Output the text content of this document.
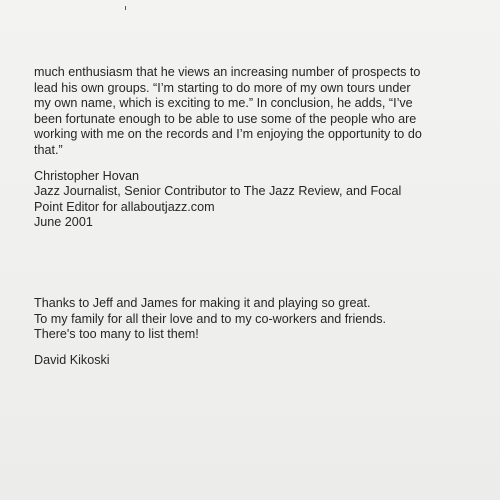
much enthusiasm that he views an increasing number of prospects to
lead his own groups. “I’m starting to do more of my own tours under
my own name, which is exciting to me.” In conclusion, he adds, “I’ve
been fortunate enough to be able to use some of the people who are
working with me on the records and I’m enjoying the opportunity to do
that.”

Christopher Hovan
Jazz Journalist, Senior Contributor to The Jazz Review, and Focal
Point Editor for allaboutjazz.com
June 2001

Thanks to Jeff and James for making it and playing so great.
To my family for all their love and to my co-workers and friends.
There's too many to list them!

David Kikoski
